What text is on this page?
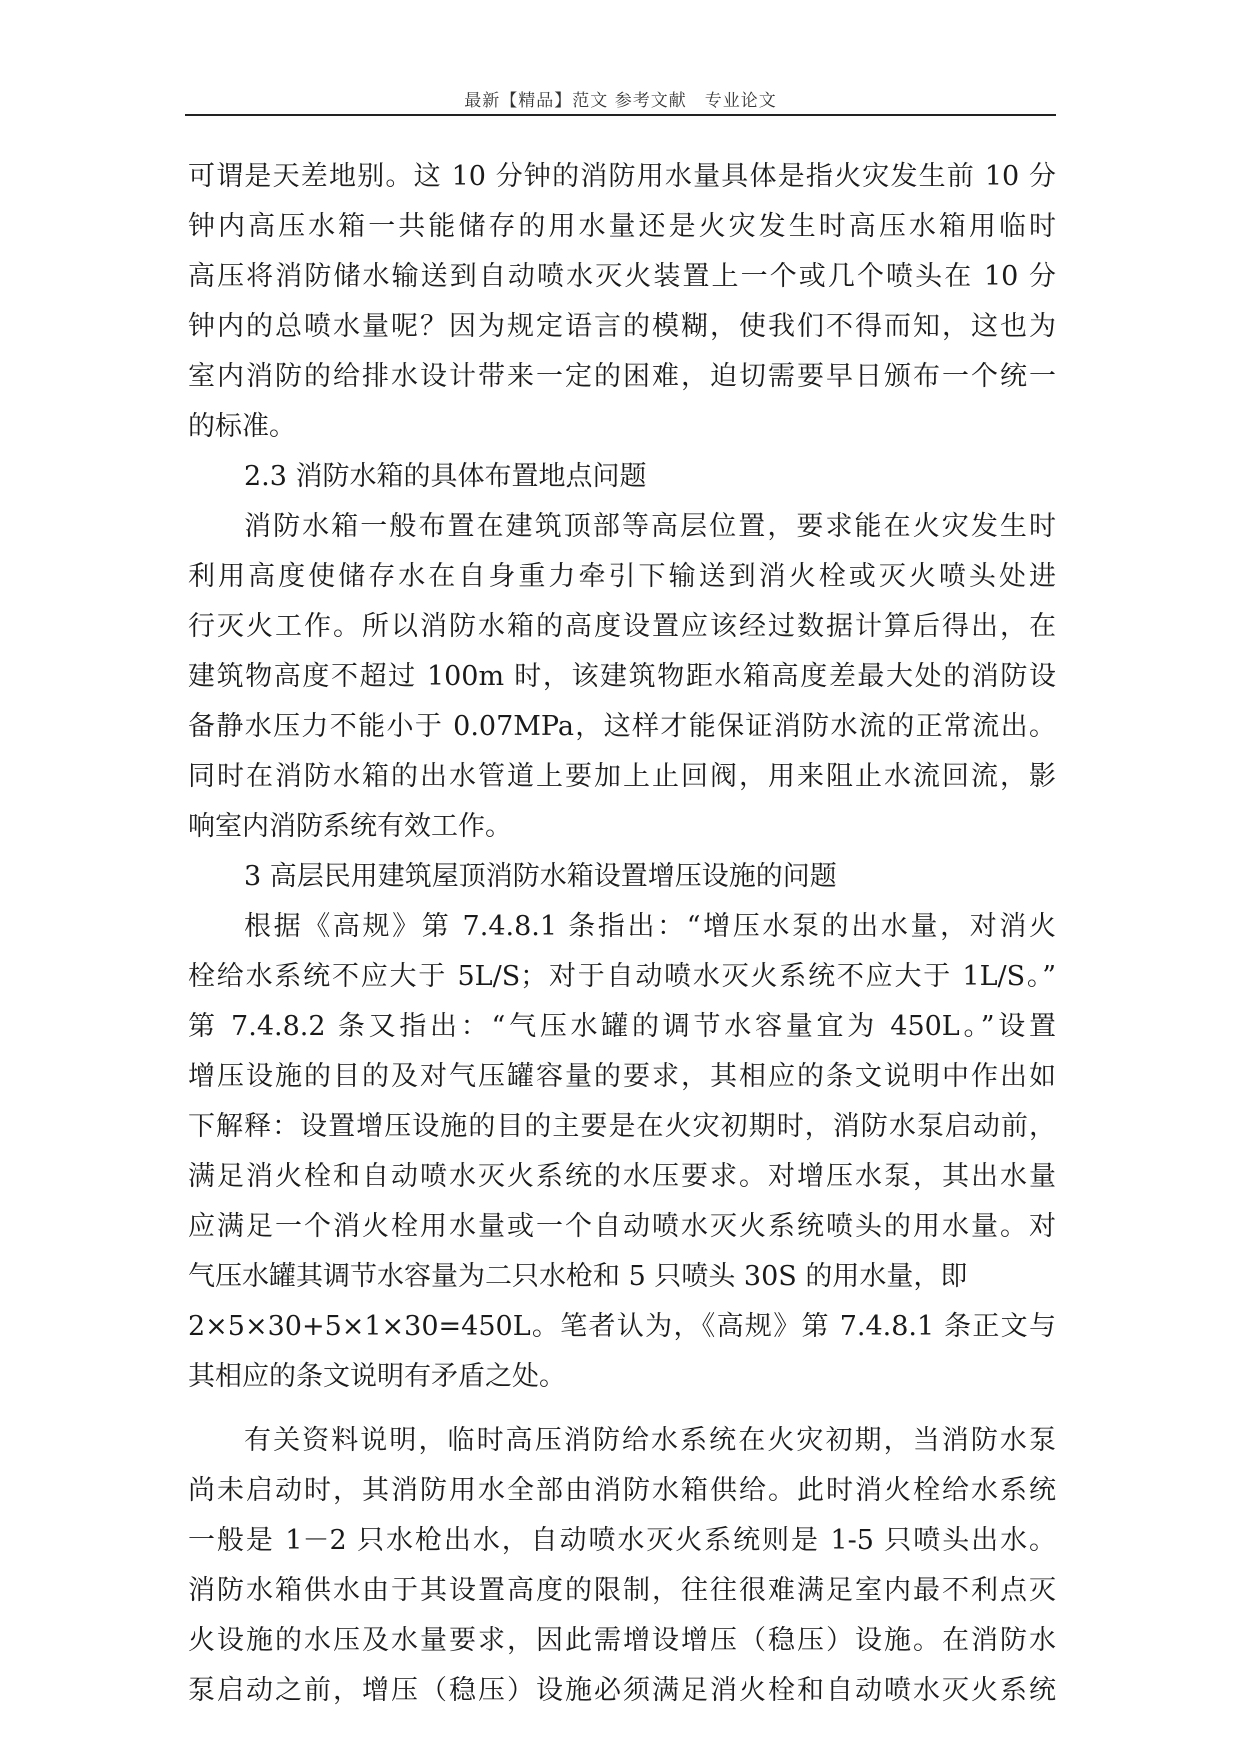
最新【精品】范文 参考文献　专业论文
可谓是天差地别。这 10 分钟的消防用水量具体是指火灾发生前 10 分
钟内高压水箱一共能储存的用水量还是火灾发生时高压水箱用临时
高压将消防储水输送到自动喷水灭火装置上一个或几个喷头在 10 分
钟内的总喷水量呢？因为规定语言的模糊，使我们不得而知，这也为
室内消防的给排水设计带来一定的困难，迫切需要早日颁布一个统一
的标准。
2.3 消防水箱的具体布置地点问题
消防水箱一般布置在建筑顶部等高层位置，要求能在火灾发生时
利用高度使储存水在自身重力牵引下输送到消火栓或灭火喷头处进
行灭火工作。所以消防水箱的高度设置应该经过数据计算后得出，在
建筑物高度不超过 100m 时，该建筑物距水箱高度差最大处的消防设
备静水压力不能小于 0.07MPa，这样才能保证消防水流的正常流出。
同时在消防水箱的出水管道上要加上止回阀，用来阻止水流回流，影
响室内消防系统有效工作。
3 高层民用建筑屋顶消防水箱设置增压设施的问题
根据《高规》第 7.4.8.1 条指出：“增压水泵的出水量，对消火
栓给水系统不应大于 5L/S；对于自动喷水灭火系统不应大于 1L/S。”
第 7.4.8.2 条又指出：“气压水罐的调节水容量宜为 450L。”设置
增压设施的目的及对气压罐容量的要求，其相应的条文说明中作出如
下解释：设置增压设施的目的主要是在火灾初期时，消防水泵启动前，
满足消火栓和自动喷水灭火系统的水压要求。对增压水泵，其出水量
应满足一个消火栓用水量或一个自动喷水灭火系统喷头的用水量。对
气压水罐其调节水容量为二只水枪和 5 只喷头 30S 的用水量，即
2×5×30+5×1×30=450L。笔者认为，《高规》第 7.4.8.1 条正文与
其相应的条文说明有矛盾之处。
有关资料说明，临时高压消防给水系统在火灾初期，当消防水泵
尚未启动时，其消防用水全部由消防水箱供给。此时消火栓给水系统
一般是 1－2 只水枪出水，自动喷水灭火系统则是 1-5 只喷头出水。
消防水箱供水由于其设置高度的限制，往往很难满足室内最不利点灭
火设施的水压及水量要求，因此需增设增压（稳压）设施。在消防水
泵启动之前，增压（稳压）设施必须满足消火栓和自动喷水灭火系统
